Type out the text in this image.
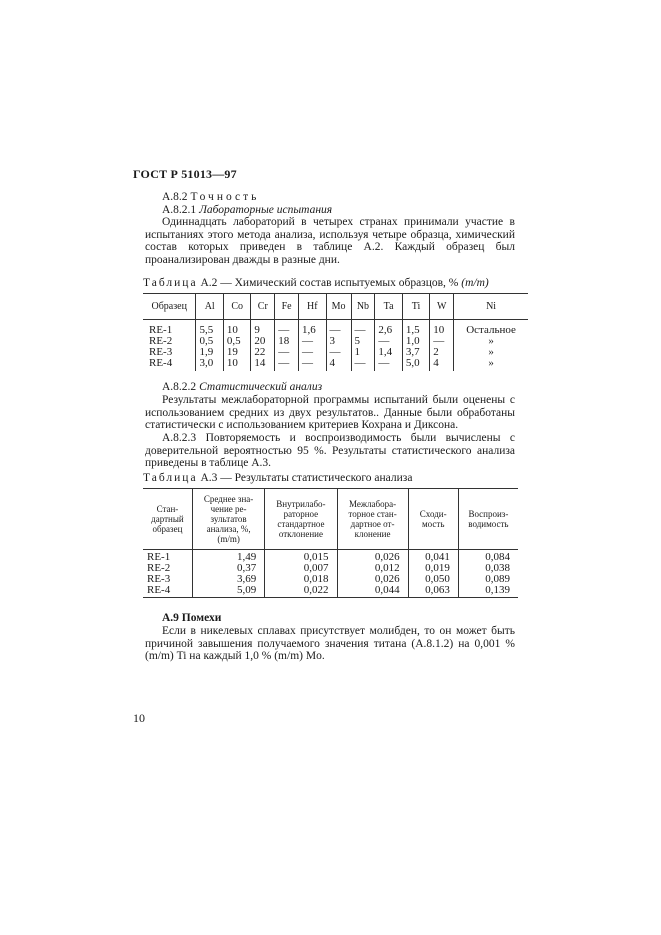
ГОСТ Р 51013—97
А.8.2 Точность
А.8.2.1 Лабораторные испытания
Одиннадцать лабораторий в четырех странах принимали участие в испытаниях этого метода анализа, используя четыре образца, химический состав которых приведен в таблице А.2. Каждый образец был проанализирован дважды в разные дни.
Таблица А.2 — Химический состав испытуемых образцов, % (m/m)
Образец	Al	Co	Cr	Fe	Hf	Mo	Nb	Ta	Ti	W	Ni
RE-1	5,5	10	9	—	1,6	—	—	2,6	1,5	10	Остальное
RE-2	0,5	0,5	20	18	—	3	5	—	1,0	—	»
RE-3	1,9	19	22	—	—	—	1	1,4	3,7	2	»
RE-4	3,0	10	14	—	—	4	—	—	5,0	4	»
А.8.2.2 Статистический анализ
Результаты межлабораторной программы испытаний были оценены с использованием средних из двух результатов.. Данные были обработаны статистически с использованием критериев Кохрана и Диксона.
А.8.2.3 Повторяемость и воспроизводимость были вычислены с доверительной вероятностью 95 %. Результаты статистического анализа приведены в таблице А.3.
Таблица А.3 — Результаты статистического анализа
Стан-
дартный
образец	Среднее зна-
чение ре-
зультатов
анализа, %,
(m/m)	Внутрилабо-
раторное
стандартное
отклонение	Межлабора-
торное стан-
дартное от-
клонение	Сходи-
мость	Воспроиз-
водимость
RE-1	1,49	0,015	0,026	0,041	0,084
RE-2	0,37	0,007	0,012	0,019	0,038
RE-3	3,69	0,018	0,026	0,050	0,089
RE-4	5,09	0,022	0,044	0,063	0,139
А.9 Помехи
Если в никелевых сплавах присутствует молибден, то он может быть причиной завышения получаемого значения титана (А.8.1.2) на 0,001 % (m/m) Ti на каждый 1,0 % (m/m) Mo.
10
